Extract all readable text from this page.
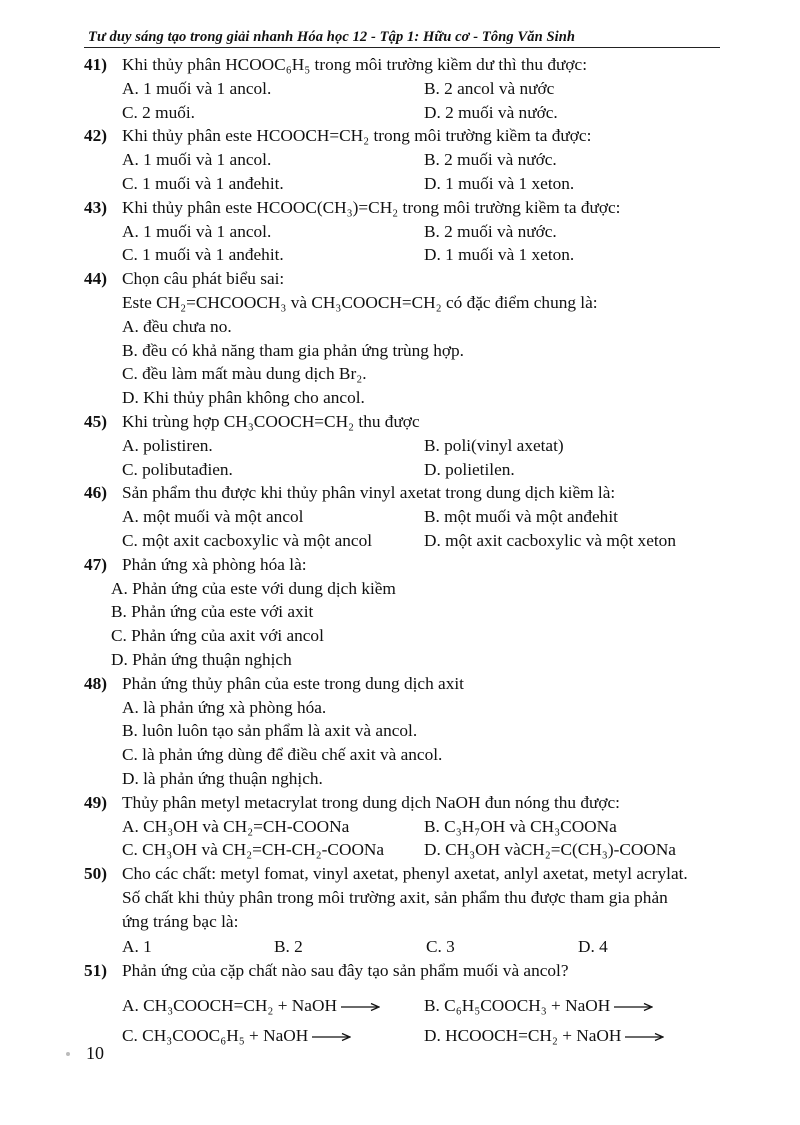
Tư duy sáng tạo trong giải nhanh Hóa học 12 - Tập 1: Hữu cơ - Tông Văn Sinh
41) Khi thủy phân HCOOC₆H₅ trong môi trường kiềm dư thì thu được:
A. 1 muối và 1 ancol.	B. 2 ancol và nước
C. 2 muối.	D. 2 muối và nước.
42) Khi thủy phân este HCOOCH=CH₂ trong môi trường kiềm ta được:
A. 1 muối và 1 ancol.	B. 2 muối và nước.
C. 1 muối và 1 anđehit.	D. 1 muối và 1 xeton.
43) Khi thủy phân este HCOOC(CH₃)=CH₂ trong môi trường kiềm ta được:
A. 1 muối và 1 ancol.	B. 2 muối và nước.
C. 1 muối và 1 anđehit.	D. 1 muối và 1 xeton.
44) Chọn câu phát biểu sai:
Este CH₂=CHCOOCH₃ và CH₃COOCH=CH₂ có đặc điểm chung là:
A. đều chưa no.
B. đều có khả năng tham gia phản ứng trùng hợp.
C. đều làm mất màu dung dịch Br₂.
D. Khi thủy phân không cho ancol.
45) Khi trùng hợp CH₃COOCH=CH₂ thu được
A. polistiren.	B. poli(vinyl axetat)
C. polibutađien.	D. polietilen.
46) Sản phẩm thu được khi thủy phân vinyl axetat trong dung dịch kiềm là:
A. một muối và một ancol	B. một muối và một anđehit
C. một axit cacboxylic và một ancol	D. một axit cacboxylic và một xeton
47) Phản ứng xà phòng hóa là:
A. Phản ứng của este với dung dịch kiềm
B. Phản ứng của este với axit
C. Phản ứng của axit với ancol
D. Phản ứng thuận nghịch
48) Phản ứng thủy phân của este trong dung dịch axit
A. là phản ứng xà phòng hóa.
B. luôn luôn tạo sản phẩm là axit và ancol.
C. là phản ứng dùng để điều chế axit và ancol.
D. là phản ứng thuận nghịch.
49) Thủy phân metyl metacrylat trong dung dịch NaOH đun nóng thu được:
A. CH₃OH và CH₂=CH-COONa	B. C₃H₇OH và CH₃COONa
C. CH₃OH và CH₂=CH-CH₂-COONa	D. CH₃OH vàCH₂=C(CH₃)-COONa
50) Cho các chất: metyl fomat, vinyl axetat, phenyl axetat, anlyl axetat, metyl acrylat.
Số chất khi thủy phân trong môi trường axit, sản phẩm thu được tham gia phản
ứng tráng bạc là:
A. 1	B. 2	C. 3	D. 4
51) Phản ứng của cặp chất nào sau đây tạo sản phẩm muối và ancol?
A. CH₃COOCH=CH₂ + NaOH →	B. C₆H₅COOCH₃ + NaOH →
C. CH₃COOC₆H₅ + NaOH →	D. HCOOCH=CH₂ + NaOH →
10
